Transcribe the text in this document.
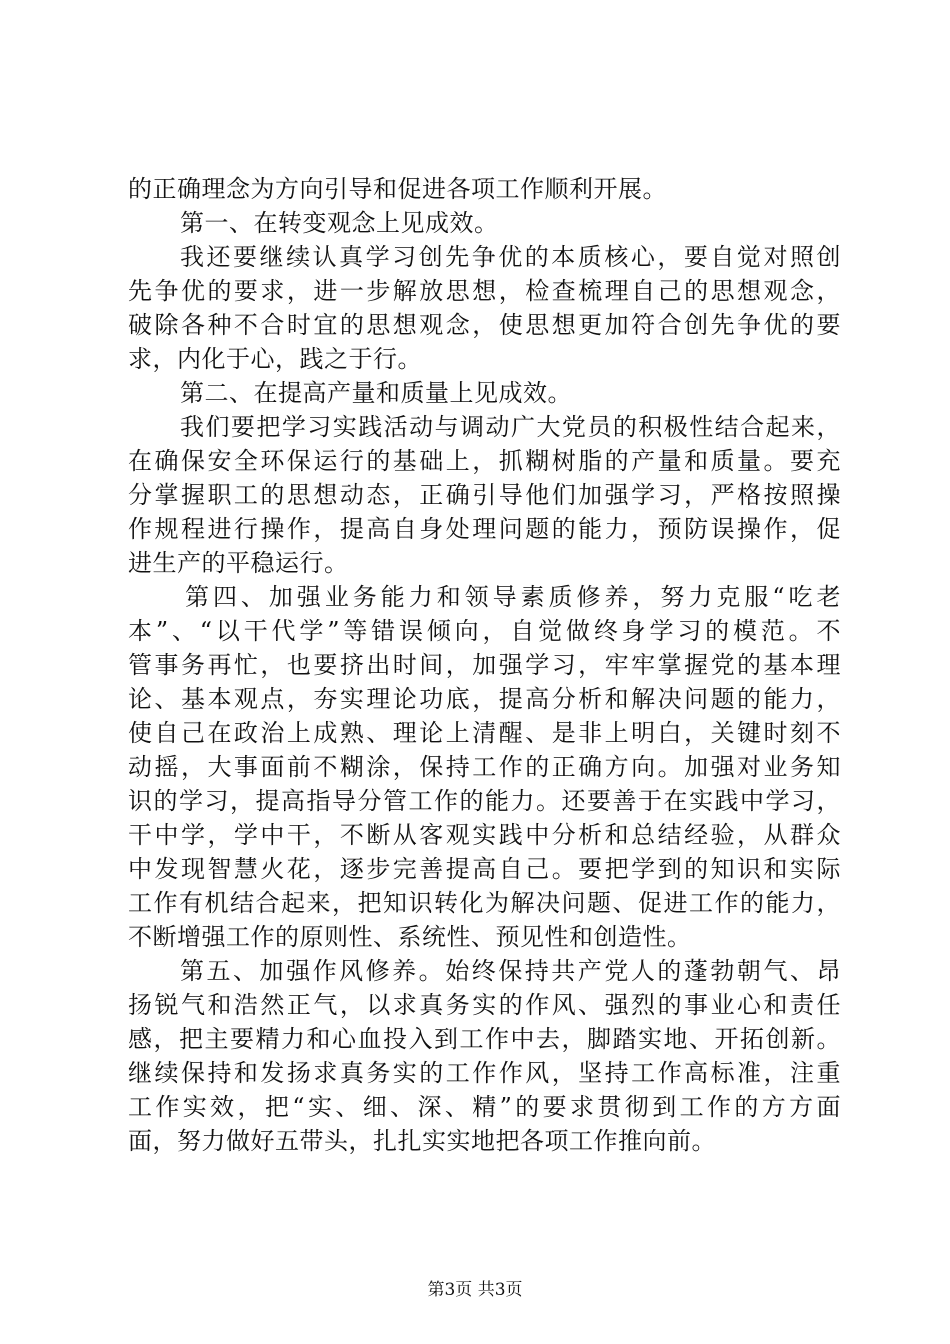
的正确理念为方向引导和促进各项工作顺利开展。
第一、在转变观念上见成效。
我还要继续认真学习创先争优的本质核心，要自觉对照创
先争优的要求，进一步解放思想，检查梳理自己的思想观念，
破除各种不合时宜的思想观念，使思想更加符合创先争优的要
求，内化于心，践之于行。
第二、在提高产量和质量上见成效。
我们要把学习实践活动与调动广大党员的积极性结合起来，
在确保安全环保运行的基础上，抓糊树脂的产量和质量。要充
分掌握职工的思想动态，正确引导他们加强学习，严格按照操
作规程进行操作，提高自身处理问题的能力，预防误操作，促
进生产的平稳运行。
第四、加强业务能力和领导素质修养，努力克服“吃老
本”、“以干代学”等错误倾向，自觉做终身学习的模范。不
管事务再忙，也要挤出时间，加强学习，牢牢掌握党的基本理
论、基本观点，夯实理论功底，提高分析和解决问题的能力，
使自己在政治上成熟、理论上清醒、是非上明白，关键时刻不
动摇，大事面前不糊涂，保持工作的正确方向。加强对业务知
识的学习，提高指导分管工作的能力。还要善于在实践中学习，
干中学，学中干，不断从客观实践中分析和总结经验，从群众
中发现智慧火花，逐步完善提高自己。要把学到的知识和实际
工作有机结合起来，把知识转化为解决问题、促进工作的能力，
不断增强工作的原则性、系统性、预见性和创造性。
第五、加强作风修养。始终保持共产党人的蓬勃朝气、昂
扬锐气和浩然正气，以求真务实的作风、强烈的事业心和责任
感，把主要精力和心血投入到工作中去，脚踏实地、开拓创新。
继续保持和发扬求真务实的工作作风，坚持工作高标准，注重
工作实效，把“实、细、深、精”的要求贯彻到工作的方方面
面，努力做好五带头，扎扎实实地把各项工作推向前。
第3页 共3页
